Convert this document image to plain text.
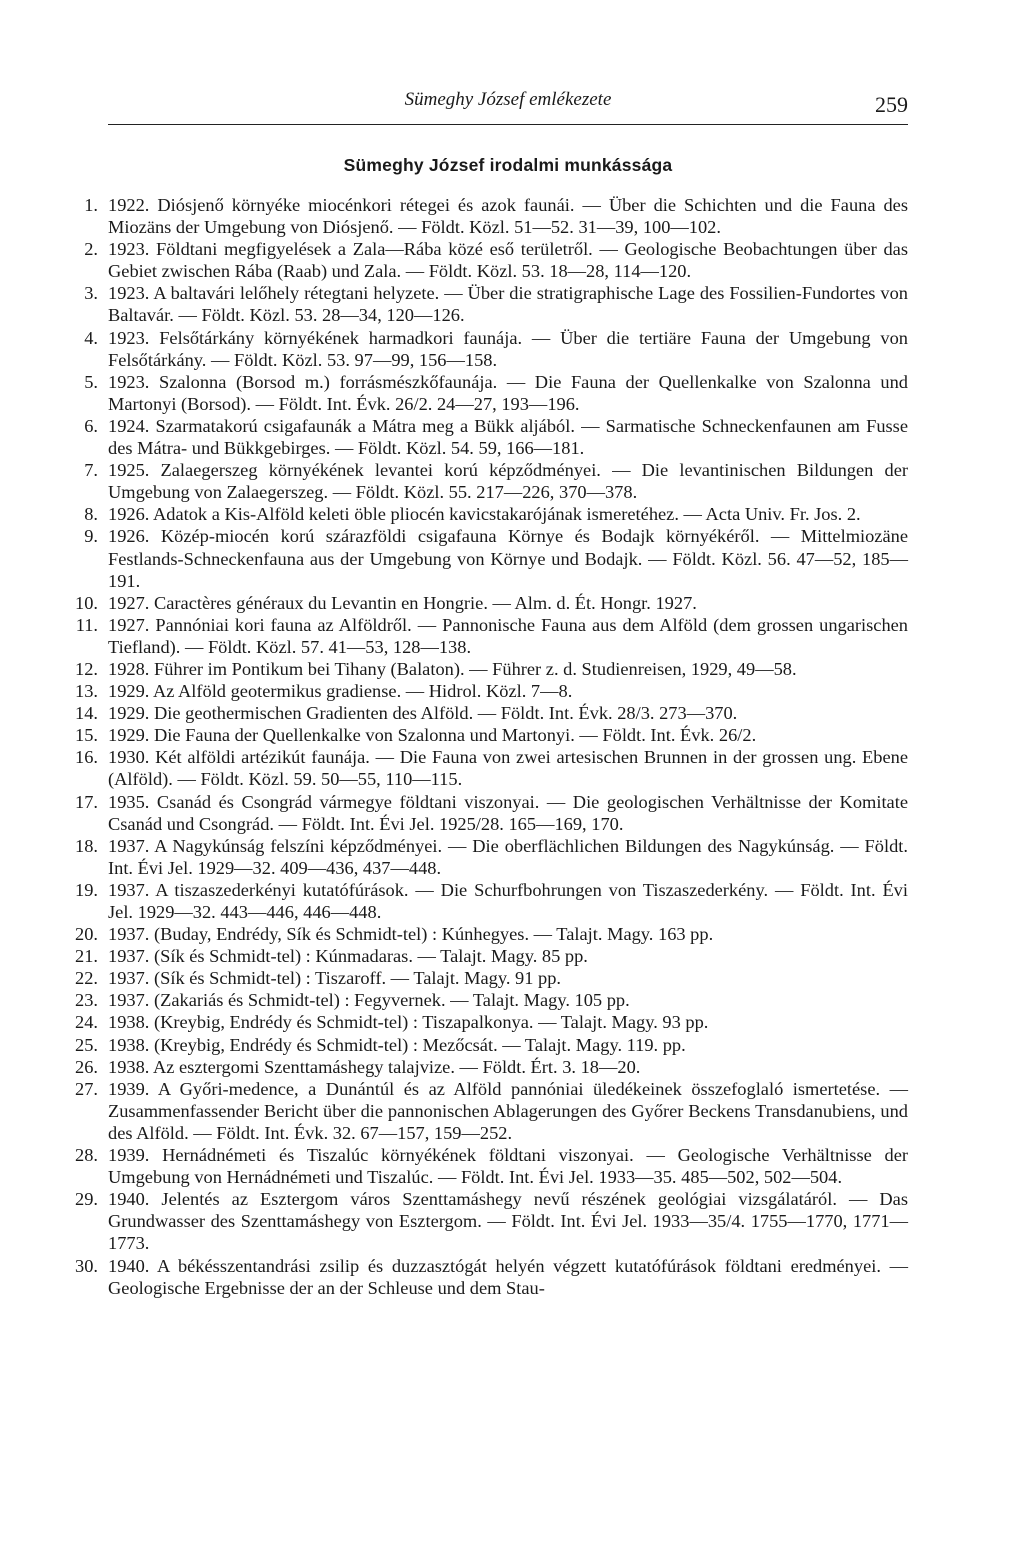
Sümeghy József emlékezete	259
Sümeghy József irodalmi munkássága
1. 1922. Diósjenő környéke miocénkori rétegei és azok faunái. — Über die Schichten und die Fauna des Miozäns der Umgebung von Diósjenő. — Földt. Közl. 51—52. 31—39, 100—102.
2. 1923. Földtani megfigyelések a Zala—Rába közé eső területről. — Geologische Beobachtungen über das Gebiet zwischen Rába (Raab) und Zala. — Földt. Közl. 53. 18—28, 114—120.
3. 1923. A baltavári lelőhely rétegtani helyzete. — Über die stratigraphische Lage des Fossilien-Fundortes von Baltavár. — Földt. Közl. 53. 28—34, 120—126.
4. 1923. Felsőtárkány környékének harmadkori faunája. — Über die tertiäre Fauna der Umgebung von Felsőtárkány. — Földt. Közl. 53. 97—99, 156—158.
5. 1923. Szalonna (Borsod m.) forrásmészkőfaunája. — Die Fauna der Quellenkalke von Szalonna und Martonyi (Borsod). — Földt. Int. Évk. 26/2. 24—27, 193—196.
6. 1924. Szarmatakorú csigafaunák a Mátra meg a Bükk aljából. — Sarmatische Schneckenfaunen am Fusse des Mátra- und Bükkgebirges. — Földt. Közl. 54. 59, 166—181.
7. 1925. Zalaegerszeg környékének levantei korú képződményei. — Die levantinischen Bildungen der Umgebung von Zalaegerszeg. — Földt. Közl. 55. 217—226, 370—378.
8. 1926. Adatok a Kis-Alföld keleti öble pliocén kavicstakarójának ismeretéhez. — Acta Univ. Fr. Jos. 2.
9. 1926. Közép-miocén korú szárazföldi csigafauna Környe és Bodajk környékéről. — Mittelmiozäne Festlands-Schneckenfauna aus der Umgebung von Környe und Bodajk. — Földt. Közl. 56. 47—52, 185—191.
10. 1927. Caractères généraux du Levantin en Hongrie. — Alm. d. Ét. Hongr. 1927.
11. 1927. Pannóniai kori fauna az Alföldről. — Pannonische Fauna aus dem Alföld (dem grossen ungarischen Tiefland). — Földt. Közl. 57. 41—53, 128—138.
12. 1928. Führer im Pontikum bei Tihany (Balaton). — Führer z. d. Studienreisen, 1929, 49—58.
13. 1929. Az Alföld geotermikus gradiense. — Hidrol. Közl. 7—8.
14. 1929. Die geothermischen Gradienten des Alföld. — Földt. Int. Évk. 28/3. 273—370.
15. 1929. Die Fauna der Quellenkalke von Szalonna und Martonyi. — Földt. Int. Évk. 26/2.
16. 1930. Két alföldi artézikút faunája. — Die Fauna von zwei artesischen Brunnen in der grossen ung. Ebene (Alföld). — Földt. Közl. 59. 50—55, 110—115.
17. 1935. Csanád és Csongrád vármegye földtani viszonyai. — Die geologischen Verhältnisse der Komitate Csanád und Csongrád. — Földt. Int. Évi Jel. 1925/28. 165—169, 170.
18. 1937. A Nagykúnság felszíni képződményei. — Die oberflächlichen Bildungen des Nagykúnság. — Földt. Int. Évi Jel. 1929—32. 409—436, 437—448.
19. 1937. A tiszaszederkényi kutatófúrások. — Die Schurfbohrungen von Tiszaszederkény. — Földt. Int. Évi Jel. 1929—32. 443—446, 446—448.
20. 1937. (Buday, Endrédy, Sík és Schmidt-tel) : Kúnhegyes. — Talajt. Magy. 163 pp.
21. 1937. (Sík és Schmidt-tel) : Kúnmadaras. — Talajt. Magy. 85 pp.
22. 1937. (Sík és Schmidt-tel) : Tiszaroff. — Talajt. Magy. 91 pp.
23. 1937. (Zakariás és Schmidt-tel) : Fegyvernek. — Talajt. Magy. 105 pp.
24. 1938. (Kreybig, Endrédy és Schmidt-tel) : Tiszapalkonya. — Talajt. Magy. 93 pp.
25. 1938. (Kreybig, Endrédy és Schmidt-tel) : Mezőcsát. — Talajt. Magy. 119. pp.
26. 1938. Az esztergomi Szenttamáshegy talajvize. — Földt. Ért. 3. 18—20.
27. 1939. A Győri-medence, a Dunántúl és az Alföld pannóniai üledékeinek összefoglaló ismertetése. — Zusammenfassender Bericht über die pannonischen Ablagerungen des Győrer Beckens Transdanubiens, und des Alföld. — Földt. Int. Évk. 32. 67—157, 159—252.
28. 1939. Hernádnémeti és Tiszalúc környékének földtani viszonyai. — Geologische Verhältnisse der Umgebung von Hernádnémeti und Tiszalúc. — Földt. Int. Évi Jel. 1933—35. 485—502, 502—504.
29. 1940. Jelentés az Esztergom város Szenttamáshegy nevű részének geológiai vizsgálatáról. — Das Grundwasser des Szenttamáshegy von Esztergom. — Földt. Int. Évi Jel. 1933—35/4. 1755—1770, 1771—1773.
30. 1940. A békésszentandrási zsilip és duzzasztógát helyén végzett kutatófúrások földtani eredményei. — Geologische Ergebnisse der an der Schleuse und dem Stau-
